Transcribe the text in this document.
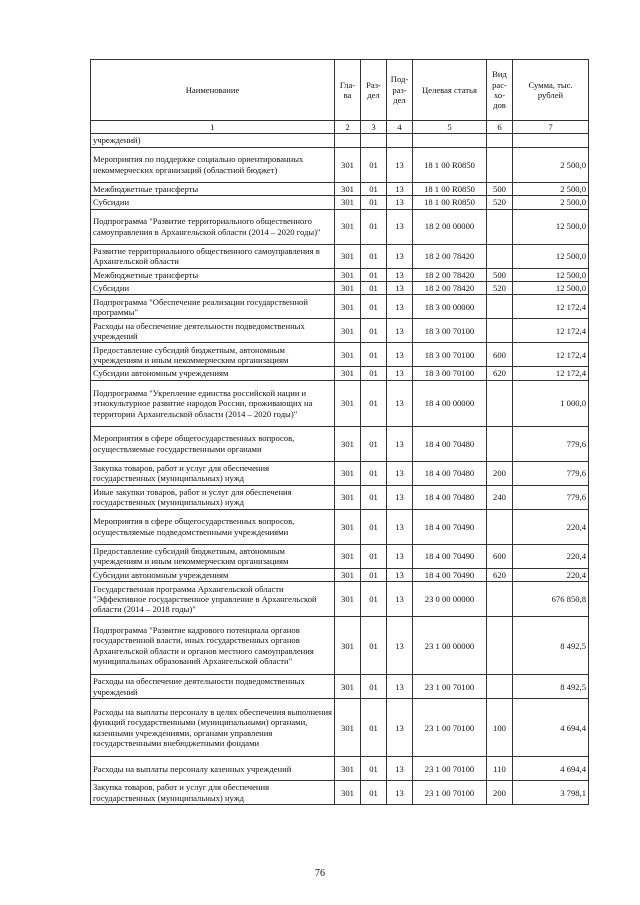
Наименование	Гла-ва	Раз-дел	Под-раз-дел	Целевая статья	Вид рас-хо-дов	Сумма, тыс. рублей
1	2	3	4	5	6	7
учреждений)						
Мероприятия по поддержке социально ориентированных некоммерческих организаций (областной бюджет)	301	01	13	18 1 00 R0850		2 500,0
Межбюджетные трансферты	301	01	13	18 1 00 R0850	500	2 500,0
Субсидии	301	01	13	18 1 00 R0850	520	2 500,0
Подпрограмма "Развитие территориального общественного самоуправления в Архангельской области (2014 – 2020 годы)"	301	01	13	18 2 00 00000		12 500,0
Развитие территориального общественного самоуправления в Архангельской области	301	01	13	18 2 00 78420		12 500,0
Межбюджетные трансферты	301	01	13	18 2 00 78420	500	12 500,0
Субсидии	301	01	13	18 2 00 78420	520	12 500,0
Подпрограмма "Обеспечение реализации государственной программы"	301	01	13	18 3 00 00000		12 172,4
Расходы на обеспечение деятельности подведомственных учреждений	301	01	13	18 3 00 70100		12 172,4
Предоставление субсидий бюджетным, автономным учреждениям и иным некоммерческим организациям	301	01	13	18 3 00 70100	600	12 172,4
Субсидии автономным учреждениям	301	01	13	18 3 00 70100	620	12 172,4
Подпрограмма "Укрепление единства российской нации и этнокультурное развитие народов России, проживающих на территории Архангельской области (2014 – 2020 годы)"	301	01	13	18 4 00 00000		1 000,0
Мероприятия в сфере общегосударственных вопросов, осуществляемые государственными органами	301	01	13	18 4 00 70480		779,6
Закупка товаров, работ и услуг для обеспечения государственных (муниципальных) нужд	301	01	13	18 4 00 70480	200	779,6
Иные закупки товаров, работ и услуг для обеспечения государственных (муниципальных) нужд	301	01	13	18 4 00 70480	240	779,6
Мероприятия в сфере общегосударственных вопросов, осуществляемые подведомственными учреждениями	301	01	13	18 4 00 70490		220,4
Предоставление субсидий бюджетным, автономным учреждениям и иным некоммерческим организациям	301	01	13	18 4 00 70490	600	220,4
Субсидии автономным учреждениям	301	01	13	18 4 00 70490	620	220,4
Государственная программа Архангельской области "Эффективное государственное управление в Архангельской области (2014 – 2018 годы)"	301	01	13	23 0 00 00000		676 850,8
Подпрограмма "Развитие кадрового потенциала органов государственной власти, иных государственных органов Архангельской области и органов местного самоуправления муниципальных образований Архангельской области"	301	01	13	23 1 00 00000		8 492,5
Расходы на обеспечение деятельности подведомственных учреждений	301	01	13	23 1 00 70100		8 492,5
Расходы на выплаты персоналу в целях обеспечения выполнения функций государственными (муниципальными) органами, казенными учреждениями, органами управления государственными внебюджетными фондами	301	01	13	23 1 00 70100	100	4 694,4
Расходы на выплаты персоналу казенных учреждений	301	01	13	23 1 00 70100	110	4 694,4
Закупка товаров, работ и услуг для обеспечения государственных (муниципальных) нужд	301	01	13	23 1 00 70100	200	3 798,1
76
